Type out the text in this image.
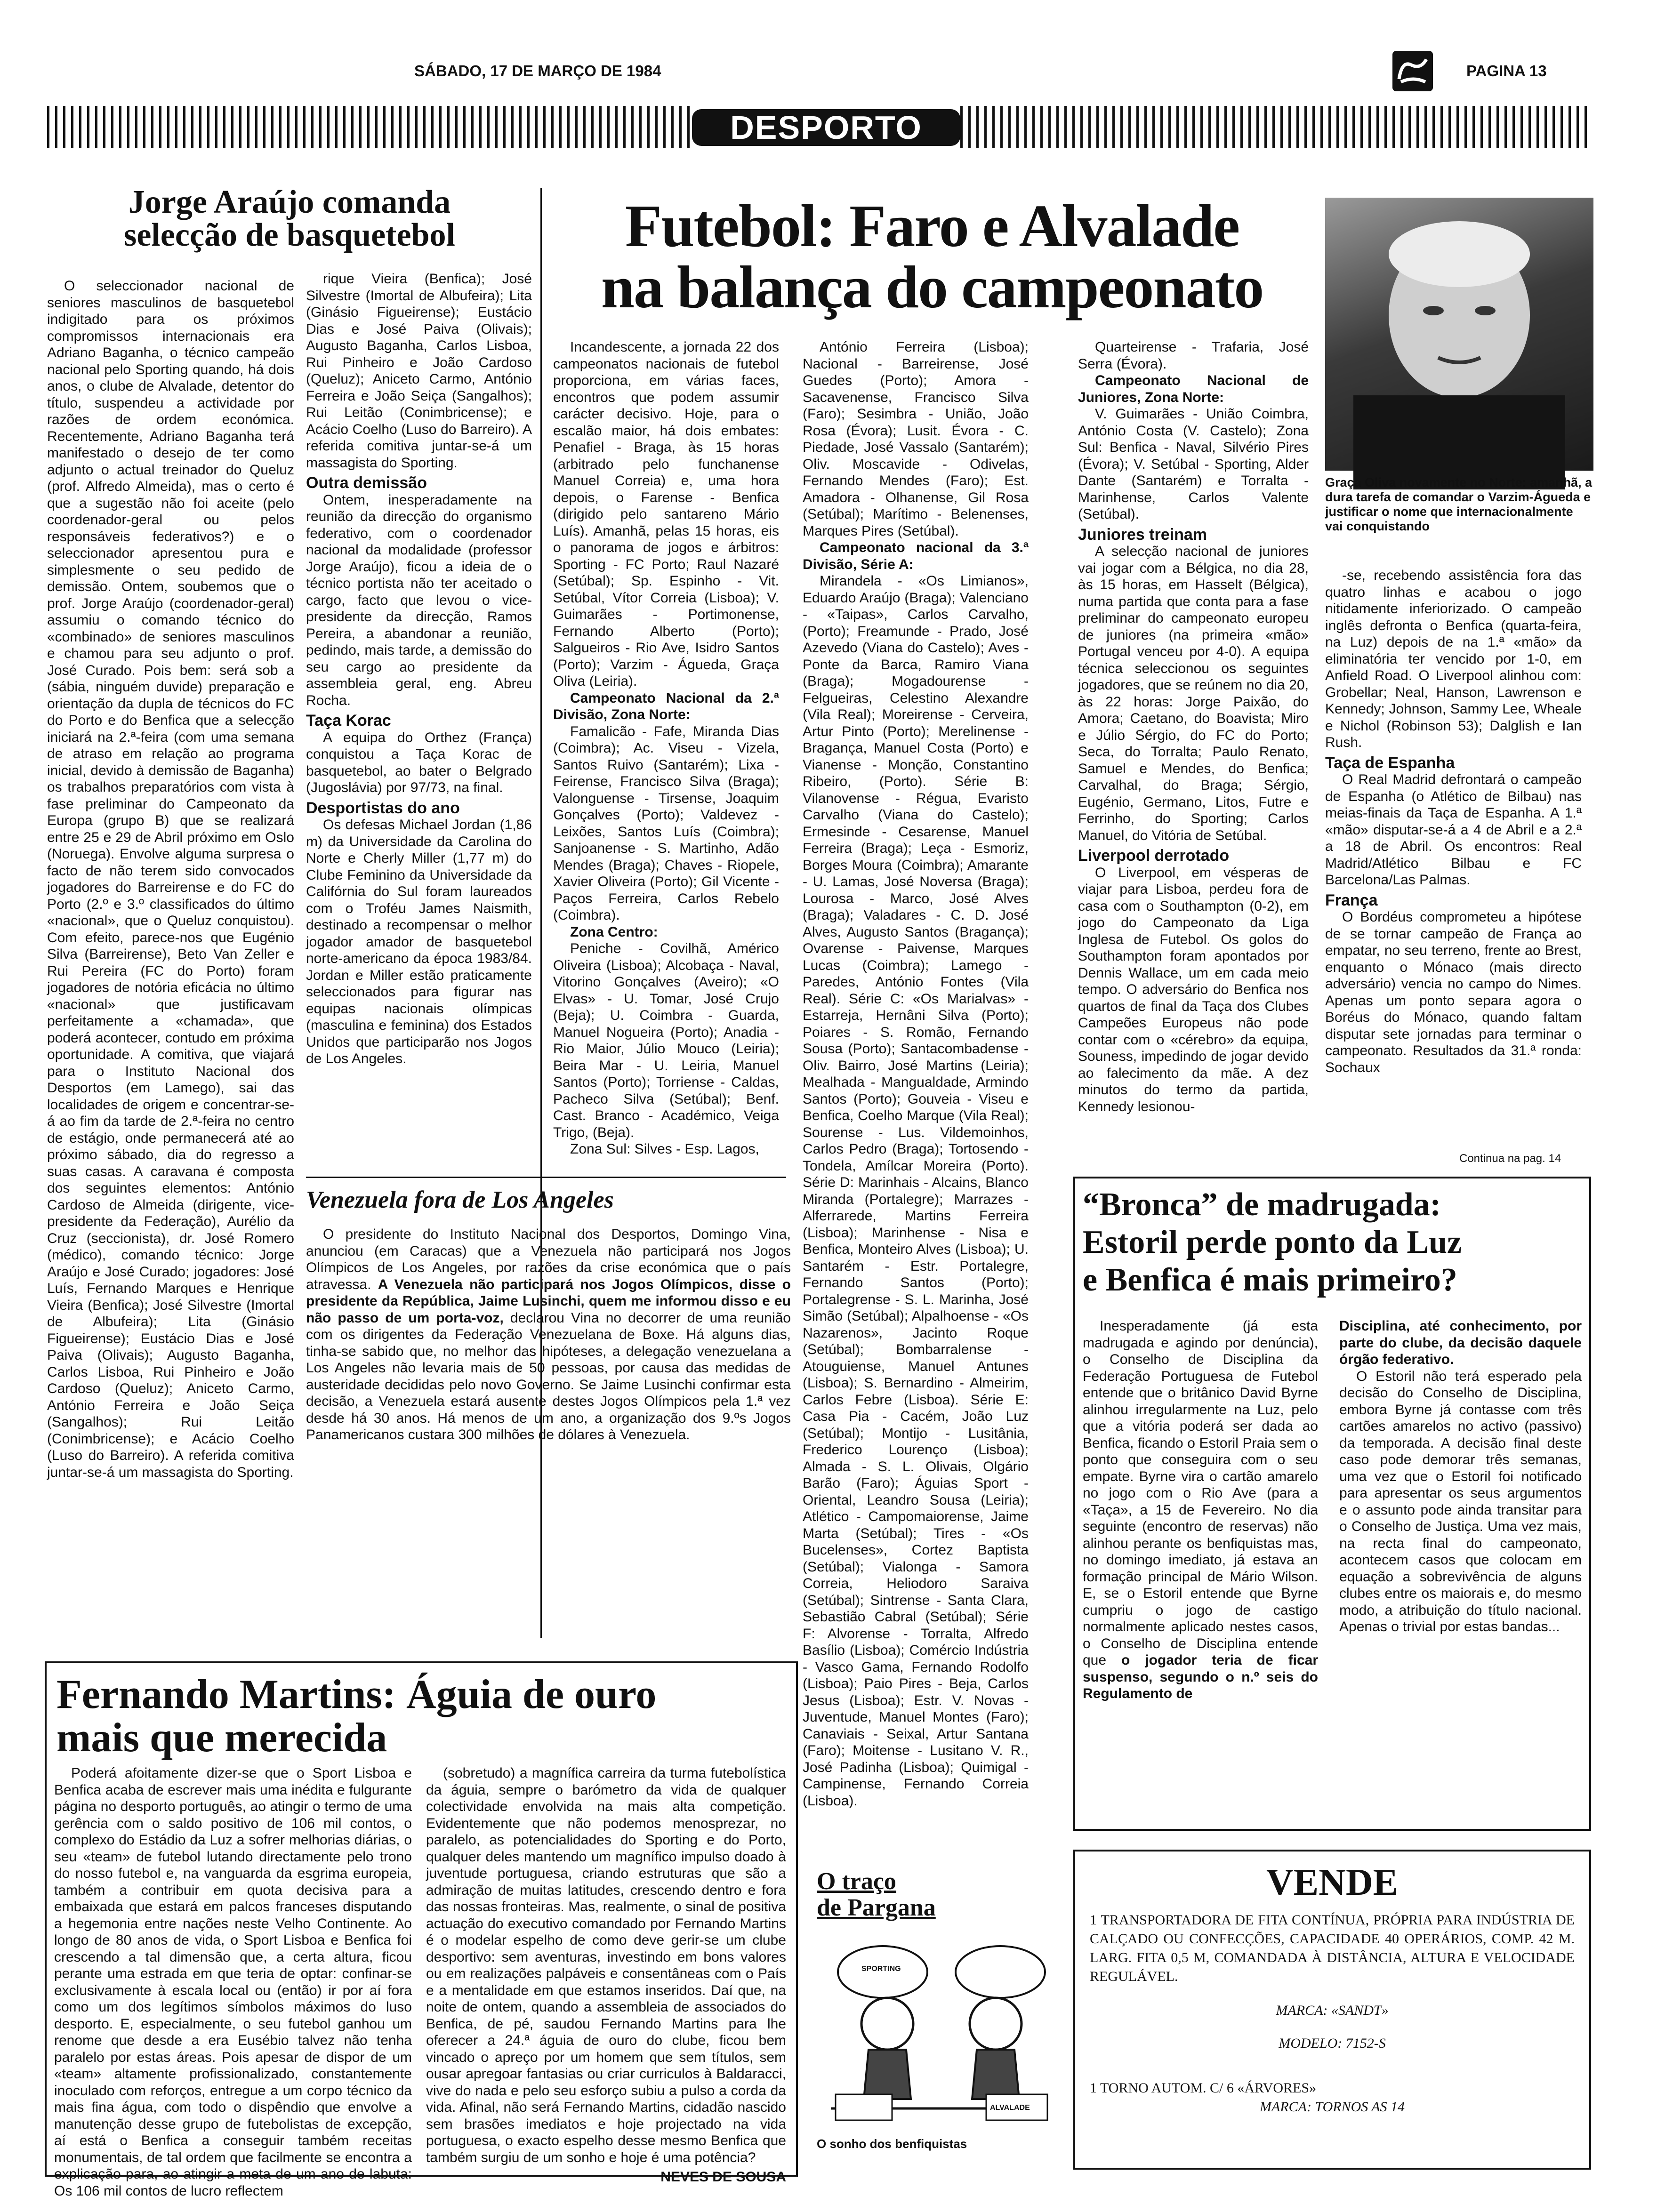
SÁBADO, 17 DE MARÇO DE 1984	PAGINA 13
DESPORTO
Jorge Araújo comanda
selecção de basquetebol

O seleccionador nacional de seniores masculinos de basquetebol indigitado para os próximos compromissos internacionais era Adriano Baganha, o técnico campeão nacional pelo Sporting quando, há dois anos, o clube de Alvalade, detentor do título, suspendeu a actividade por razões de ordem económica. Recentemente, Adriano Baganha terá manifestado o desejo de ter como adjunto o actual treinador do Queluz (prof. Alfredo Almeida), mas o certo é que a sugestão não foi aceite (pelo coordenador-geral ou pelos responsáveis federativos?) e o seleccionador apresentou pura e simplesmente o seu pedido de demissão. Ontem, soubemos que o prof. Jorge Araújo (coordenador-geral) assumiu o comando técnico do «combinado» de seniores masculinos e chamou para seu adjunto o prof. José Curado. Pois bem: será sob a (sábia, ninguém duvide) preparação e orientação da dupla de técnicos do FC do Porto e do Benfica que a selecção iniciará na 2.ª-feira (com uma semana de atraso em relação ao programa inicial, devido à demissão de Baganha) os trabalhos preparatórios com vista à fase preliminar do Campeonato da Europa (grupo B) que se realizará entre 25 e 29 de Abril próximo em Oslo (Noruega). Envolve alguma surpresa o facto de não terem sido convocados jogadores do Barreirense e do FC do Porto (2.º e 3.º classificados do último «nacional», que o Queluz conquistou). Com efeito, parece-nos que Eugénio Silva (Barreirense), Beto Van Zeller e Rui Pereira (FC do Porto) foram jogadores de notória eficácia no último «nacional» que justificavam perfeitamente a «chamada», que poderá acontecer, contudo em próxima oportunidade. A comitiva, que viajará para o Instituto Nacional dos Desportos (em Lamego), sai das localidades de origem e concentrar-se-á ao fim da tarde de 2.ª-feira no centro de estágio, onde permanecerá até ao próximo sábado, dia do regresso a suas casas. A caravana é composta dos seguintes elementos: António Cardoso de Almeida (dirigente, vice-presidente da Federação), Aurélio da Cruz (seccionista), dr. José Romero (médico), comando técnico: Jorge Araújo e José Curado; jogadores: José Luís, Fernando Marques e Henrique Vieira (Benfica); José Silvestre (Imortal de Albufeira); Lita (Ginásio Figueirense); Eustácio Dias e José Paiva (Olivais); Augusto Baganha, Carlos Lisboa, Rui Pinheiro e João Cardoso (Queluz); Aniceto Carmo, António Ferreira e João Seiça (Sangalhos); Rui Leitão (Conimbricense); e Acácio Coelho (Luso do Barreiro). A referida comitiva juntar-se-á um massagista do Sporting.

rique Vieira (Benfica); José Silvestre (Imortal de Albufeira); Lita (Ginásio Figueirense); Eustácio Dias e José Paiva (Olivais); Augusto Baganha, Carlos Lisboa, Rui Pinheiro e João Cardoso (Queluz); Aniceto Carmo, António Ferreira e João Seiça (Sangalhos); Rui Leitão (Conimbricense); e Acácio Coelho (Luso do Barreiro). A referida comitiva juntar-se-á um massagista do Sporting.

Outra demissão

Ontem, inesperadamente na reunião da direcção do organismo federativo, com o coordenador nacional da modalidade (professor Jorge Araújo), ficou a ideia de o técnico portista não ter aceitado o cargo, facto que levou o vice-presidente da direcção, Ramos Pereira, a abandonar a reunião, pedindo, mais tarde, a demissão do seu cargo ao presidente da assembleia geral, eng. Abreu Rocha.

Taça Korac

A equipa do Orthez (França) conquistou a Taça Korac de basquetebol, ao bater o Belgrado (Jugoslávia) por 97/73, na final.

Desportistas do ano

Os defesas Michael Jordan (1,86 m) da Universidade da Carolina do Norte e Cherly Miller (1,77 m) do Clube Feminino da Universidade da Califórnia do Sul foram laureados com o Troféu James Naismith, destinado a recompensar o melhor jogador amador de basquetebol norte-americano da época 1983/84. Jordan e Miller estão praticamente seleccionados para figurar nas equipas nacionais olímpicas (masculina e feminina) dos Estados Unidos que participarão nos Jogos de Los Angeles.

Futebol: Faro e Alvalade
na balança do campeonato
Graça Oliva novamente no Norte: amanhã, a dura tarefa de comandar o Varzim-Águeda e justificar o nome que internacionalmente vai conquistando

Incandescente, a jornada 22 dos campeonatos nacionais de futebol proporciona, em várias faces, encontros que podem assumir carácter decisivo. Hoje, para o escalão maior, há dois embates: Penafiel - Braga, às 15 horas (arbitrado pelo funchanense Manuel Correia) e, uma hora depois, o Farense - Benfica (dirigido pelo santareno Mário Luís). Amanhã, pelas 15 horas, eis o panorama de jogos e árbitros: Sporting - FC Porto; Raul Nazaré (Setúbal); Sp. Espinho - Vit. Setúbal, Vítor Correia (Lisboa); V. Guimarães - Portimonense, Fernando Alberto (Porto); Salgueiros - Rio Ave, Isidro Santos (Porto); Varzim - Águeda, Graça Oliva (Leiria).

Campeonato Nacional da 2.ª Divisão, Zona Norte:

Famalicão - Fafe, Miranda Dias (Coimbra); Ac. Viseu - Vizela, Santos Ruivo (Santarém); Lixa - Feirense, Francisco Silva (Braga); Valonguense - Tirsense, Joaquim Gonçalves (Porto); Valdevez - Leixões, Santos Luís (Coimbra); Sanjoanense - S. Martinho, Adão Mendes (Braga); Chaves - Riopele, Xavier Oliveira (Porto); Gil Vicente - Paços Ferreira, Carlos Rebelo (Coimbra).

Zona Centro:

Peniche - Covilhã, Américo Oliveira (Lisboa); Alcobaça - Naval, Vitorino Gonçalves (Aveiro); «O Elvas» - U. Tomar, José Crujo (Beja); U. Coimbra - Guarda, Manuel Nogueira (Porto); Anadia - Rio Maior, Júlio Mouco (Leiria); Beira Mar - U. Leiria, Manuel Santos (Porto); Torriense - Caldas, Pacheco Silva (Setúbal); Benf. Cast. Branco - Académico, Veiga Trigo, (Beja).

Zona Sul: Silves - Esp. Lagos,

António Ferreira (Lisboa); Nacional - Barreirense, José Guedes (Porto); Amora - Sacavenense, Francisco Silva (Faro); Sesimbra - União, João Rosa (Évora); Lusit. Évora - C. Piedade, José Vassalo (Santarém); Oliv. Moscavide - Odivelas, Fernando Mendes (Faro); Est. Amadora - Olhanense, Gil Rosa (Setúbal); Marítimo - Belenenses, Marques Pires (Setúbal).

Campeonato nacional da 3.ª Divisão, Série A:

Mirandela - «Os Limianos», Eduardo Araújo (Braga); Valenciano - «Taipas», Carlos Carvalho, (Porto); Freamunde - Prado, José Azevedo (Viana do Castelo); Aves - Ponte da Barca, Ramiro Viana (Braga); Mogadourense - Felgueiras, Celestino Alexandre (Vila Real); Moreirense - Cerveira, Artur Pinto (Porto); Merelinense - Bragança, Manuel Costa (Porto) e Vianense - Monção, Constantino Ribeiro, (Porto). Série B: Vilanovense - Régua, Evaristo Carvalho (Viana do Castelo); Ermesinde - Cesarense, Manuel Ferreira (Braga); Leça - Esmoriz, Borges Moura (Coimbra); Amarante - U. Lamas, José Noversa (Braga); Lourosa - Marco, José Alves (Braga); Valadares - C. D. José Alves, Augusto Santos (Bragança); Ovarense - Paivense, Marques Lucas (Coimbra); Lamego - Paredes, António Fontes (Vila Real). Série C: «Os Marialvas» - Estarreja, Hernâni Silva (Porto); Poiares - S. Romão, Fernando Sousa (Porto); Santacombadense - Oliv. Bairro, José Martins (Leiria); Mealhada - Mangualdade, Armindo Santos (Porto); Gouveia - Viseu e Benfica, Coelho Marque (Vila Real); Sourense - Lus. Vildemoinhos, Carlos Pedro (Braga); Tortosendo - Tondela, Amílcar Moreira (Porto). Série D: Marinhais - Alcains, Blanco Miranda (Portalegre); Marrazes - Alferrarede, Martins Ferreira (Lisboa); Marinhense - Nisa e Benfica, Monteiro Alves (Lisboa); U. Santarém - Estr. Portalegre, Fernando Santos (Porto); Portalegrense - S. L. Marinha, José Simão (Setúbal); Alpalhoense - «Os Nazarenos», Jacinto Roque (Setúbal); Bombarralense - Atouguiense, Manuel Antunes (Lisboa); S. Bernardino - Almeirim, Carlos Febre (Lisboa). Série E: Casa Pia - Cacém, João Luz (Setúbal); Montijo - Lusitânia, Frederico Lourenço (Lisboa); Almada - S. L. Olivais, Olgário Barão (Faro); Águias Sport - Oriental, Leandro Sousa (Leiria); Atlético - Campomaiorense, Jaime Marta (Setúbal); Tires - «Os Bucelenses», Cortez Baptista (Setúbal); Vialonga - Samora Correia, Heliodoro Saraiva (Setúbal); Sintrense - Santa Clara, Sebastião Cabral (Setúbal); Série F: Alvorense - Torralta, Alfredo Basílio (Lisboa); Comércio Indústria - Vasco Gama, Fernando Rodolfo (Lisboa); Paio Pires - Beja, Carlos Jesus (Lisboa); Estr. V. Novas - Juventude, Manuel Montes (Faro); Canaviais - Seixal, Artur Santana (Faro); Moitense - Lusitano V. R., José Padinha (Lisboa); Quimigal - Campinense, Fernando Correia (Lisboa).

Quarteirense - Trafaria, José Serra (Évora).

Campeonato Nacional de Juniores, Zona Norte:

V. Guimarães - União Coimbra, António Costa (V. Castelo); Zona Sul: Benfica - Naval, Silvério Pires (Évora); V. Setúbal - Sporting, Alder Dante (Santarém) e Torralta - Marinhense, Carlos Valente (Setúbal).

Juniores treinam

A selecção nacional de juniores vai jogar com a Bélgica, no dia 28, às 15 horas, em Hasselt (Bélgica), numa partida que conta para a fase preliminar do campeonato europeu de juniores (na primeira «mão» Portugal venceu por 4-0). A equipa técnica seleccionou os seguintes jogadores, que se reúnem no dia 20, às 22 horas: Jorge Paixão, do Amora; Caetano, do Boavista; Miro e Júlio Sérgio, do FC do Porto; Seca, do Torralta; Paulo Renato, Samuel e Mendes, do Benfica; Carvalhal, do Braga; Sérgio, Eugénio, Germano, Litos, Futre e Ferrinho, do Sporting; Carlos Manuel, do Vitória de Setúbal.

Liverpool derrotado

O Liverpool, em vésperas de viajar para Lisboa, perdeu fora de casa com o Southampton (0-2), em jogo do Campeonato da Liga Inglesa de Futebol. Os golos do Southampton foram apontados por Dennis Wallace, um em cada meio tempo. O adversário do Benfica nos quartos de final da Taça dos Clubes Campeões Europeus não pode contar com o «cérebro» da equipa, Souness, impedindo de jogar devido ao falecimento da mãe. A dez minutos do termo da partida, Kennedy lesionou-

-se, recebendo assistência fora das quatro linhas e acabou o jogo nitidamente inferiorizado. O campeão inglês defronta o Benfica (quarta-feira, na Luz) depois de na 1.ª «mão» da eliminatória ter vencido por 1-0, em Anfield Road. O Liverpool alinhou com: Grobellar; Neal, Hanson, Lawrenson e Kennedy; Johnson, Sammy Lee, Wheale e Nichol (Robinson 53); Dalglish e Ian Rush.

Taça de Espanha

O Real Madrid defrontará o campeão de Espanha (o Atlético de Bilbau) nas meias-finais da Taça de Espanha. A 1.ª «mão» disputar-se-á a 4 de Abril e a 2.ª a 18 de Abril. Os encontros: Real Madrid/Atlético Bilbau e FC Barcelona/Las Palmas.

França

O Bordéus comprometeu a hipótese de se tornar campeão de França ao empatar, no seu terreno, frente ao Brest, enquanto o Mónaco (mais directo adversário) vencia no campo do Nimes. Apenas um ponto separa agora o Boréus do Mónaco, quando faltam disputar sete jornadas para terminar o campeonato. Resultados da 31.ª ronda: Sochaux

Continua na pag. 14
Venezuela fora de Los Angeles

O presidente do Instituto Nacional dos Desportos, Domingo Vina, anunciou (em Caracas) que a Venezuela não participará nos Jogos Olímpicos de Los Angeles, por razões da crise económica que o país atravessa. A Venezuela não participará nos Jogos Olímpicos, disse o presidente da República, Jaime Lusinchi, quem me informou disso e eu não passo de um porta-voz, declarou Vina no decorrer de uma reunião com os dirigentes da Federação Venezuelana de Boxe. Há alguns dias, tinha-se sabido que, no melhor das hipóteses, a delegação venezuelana a Los Angeles não levaria mais de 50 pessoas, por causa das medidas de austeridade decididas pelo novo Governo. Se Jaime Lusinchi confirmar esta decisão, a Venezuela estará ausente destes Jogos Olímpicos pela 1.ª vez desde há 30 anos. Há menos de um ano, a organização dos 9.ºs Jogos Panamericanos custara 300 milhões de dólares à Venezuela.

Fernando Martins: Águia de ouro
mais que merecida

Poderá afoitamente dizer-se que o Sport Lisboa e Benfica acaba de escrever mais uma inédita e fulgurante página no desporto português, ao atingir o termo de uma gerência com o saldo positivo de 106 mil contos, o complexo do Estádio da Luz a sofrer melhorias diárias, o seu «team» de futebol lutando directamente pelo trono do nosso futebol e, na vanguarda da esgrima europeia, também a contribuir em quota decisiva para a embaixada que estará em palcos franceses disputando a hegemonia entre nações neste Velho Continente. Ao longo de 80 anos de vida, o Sport Lisboa e Benfica foi crescendo a tal dimensão que, a certa altura, ficou perante uma estrada em que teria de optar: confinar-se exclusivamente à escala local ou (então) ir por aí fora como um dos legítimos símbolos máximos do luso desporto. E, especialmente, o seu futebol ganhou um renome que desde a era Eusébio talvez não tenha paralelo por estas áreas. Pois apesar de dispor de um «team» altamente profissionalizado, constantemente inoculado com reforços, entregue a um corpo técnico da mais fina água, com todo o dispêndio que envolve a manutenção desse grupo de futebolistas de excepção, aí está o Benfica a conseguir também receitas monumentais, de tal ordem que facilmente se encontra a explicação para, ao atingir a meta de um ano de labuta: Os 106 mil contos de lucro reflectem

(sobretudo) a magnífica carreira da turma futebolística da águia, sempre o barómetro da vida de qualquer colectividade envolvida na mais alta competição. Evidentemente que não podemos menosprezar, no paralelo, as potencialidades do Sporting e do Porto, qualquer deles mantendo um magnífico impulso doado à juventude portuguesa, criando estruturas que são a admiração de muitas latitudes, crescendo dentro e fora das nossas fronteiras. Mas, realmente, o sinal de positiva actuação do executivo comandado por Fernando Martins é o modelar espelho de como deve gerir-se um clube desportivo: sem aventuras, investindo em bons valores ou em realizações palpáveis e consentâneas com o País e a mentalidade em que estamos inseridos. Daí que, na noite de ontem, quando a assembleia de associados do Benfica, de pé, saudou Fernando Martins para lhe oferecer a 24.ª águia de ouro do clube, ficou bem vincado o apreço por um homem que sem títulos, sem ousar apregoar fantasias ou criar curriculos à Baldaracci, vive do nada e pelo seu esforço subiu a pulso a corda da vida. Afinal, não será Fernando Martins, cidadão nascido sem brasões imediatos e hoje projectado na vida portuguesa, o exacto espelho desse mesmo Benfica que também surgiu de um sonho e hoje é uma potência?

NEVES DE SOUSA
“Bronca” de madrugada:
Estoril perde ponto da Luz
e Benfica é mais primeiro?

Inesperadamente (já esta madrugada e agindo por denúncia), o Conselho de Disciplina da Federação Portuguesa de Futebol entende que o britânico David Byrne alinhou irregularmente na Luz, pelo que a vitória poderá ser dada ao Benfica, ficando o Estoril Praia sem o ponto que conseguira com o seu empate. Byrne vira o cartão amarelo no jogo com o Rio Ave (para a «Taça», a 15 de Fevereiro. No dia seguinte (encontro de reservas) não alinhou perante os benfiquistas mas, no domingo imediato, já estava an formação principal de Mário Wilson. E, se o Estoril entende que Byrne cumpriu o jogo de castigo normalmente aplicado nestes casos, o Conselho de Disciplina entende que o jogador teria de ficar suspenso, segundo o n.º seis do Regulamento de

Disciplina, até conhecimento, por parte do clube, da decisão daquele órgão federativo.

O Estoril não terá esperado pela decisão do Conselho de Disciplina, embora Byrne já contasse com três cartões amarelos no activo (passivo) da temporada. A decisão final deste caso pode demorar três semanas, uma vez que o Estoril foi notificado para apresentar os seus argumentos e o assunto pode ainda transitar para o Conselho de Justiça. Uma vez mais, na recta final do campeonato, acontecem casos que colocam em equação a sobrevivência de alguns clubes entre os maiorais e, do mesmo modo, a atribuição do título nacional. Apenas o trivial por estas bandas...

O traço
de Pargana
SPORTING
ALVALADE
O sonho dos benfiquistas
VENDE
1 TRANSPORTADORA DE FITA CONTÍNUA, PRÓPRIA PARA INDÚSTRIA DE CALÇADO OU CONFECÇÕES, CAPACIDADE 40 OPERÁRIOS, COMP. 42 M. LARG. FITA 0,5 M, COMANDADA À DISTÂNCIA, ALTURA E VELOCIDADE REGULÁVEL.
MARCA: «SANDT»
MODELO: 7152-S
1 TORNO AUTOM. C/ 6 «ÁRVORES»
MARCA: TORNOS AS 14
